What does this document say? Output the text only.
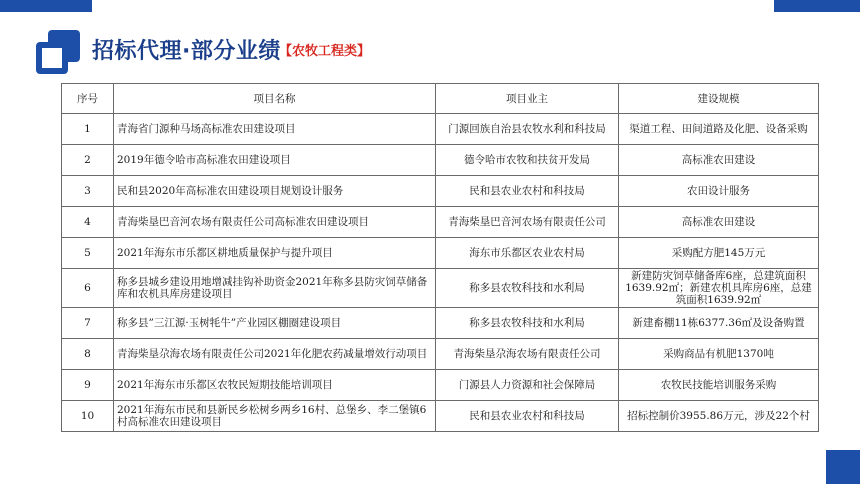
招标代理·部分业绩
【农牧工程类】
序号	项目名称	项目业主	建设规模
1	青海省门源种马场高标准农田建设项目	门源回族自治县农牧水利和科技局	渠道工程、田间道路及化肥、设备采购
2	2019年德令哈市高标准农田建设项目	德令哈市农牧和扶贫开发局	高标准农田建设
3	民和县2020年高标准农田建设项目规划设计服务	民和县农业农村和科技局	农田设计服务
4	青海柴垦巴音河农场有限责任公司高标准农田建设项目	青海柴垦巴音河农场有限责任公司	高标准农田建设
5	2021年海东市乐都区耕地质量保护与提升项目	海东市乐都区农业农村局	采购配方肥145万元
6	称多县城乡建设用地增减挂钩补助资金2021年称多县防灾饲草储备库和农机具库房建设项目	称多县农牧科技和水利局	新建防灾饲草储备库6座，总建筑面积1639.92㎡；新建农机具库房6座，总建筑面积1639.92㎡
7	称多县”三江源·玉树牦牛”产业园区棚圈建设项目	称多县农牧科技和水利局	新建畜棚11栋6377.36㎡及设备购置
8	青海柴垦尕海农场有限责任公司2021年化肥农药减量增效行动项目	青海柴垦尕海农场有限责任公司	采购商品有机肥1370吨
9	2021年海东市乐都区农牧民短期技能培训项目	门源县人力资源和社会保障局	农牧民技能培训服务采购
10	2021年海东市民和县新民乡松树乡两乡16村、总堡乡、李二堡镇6村高标准农田建设项目	民和县农业农村和科技局	招标控制价3955.86万元，涉及22个村
